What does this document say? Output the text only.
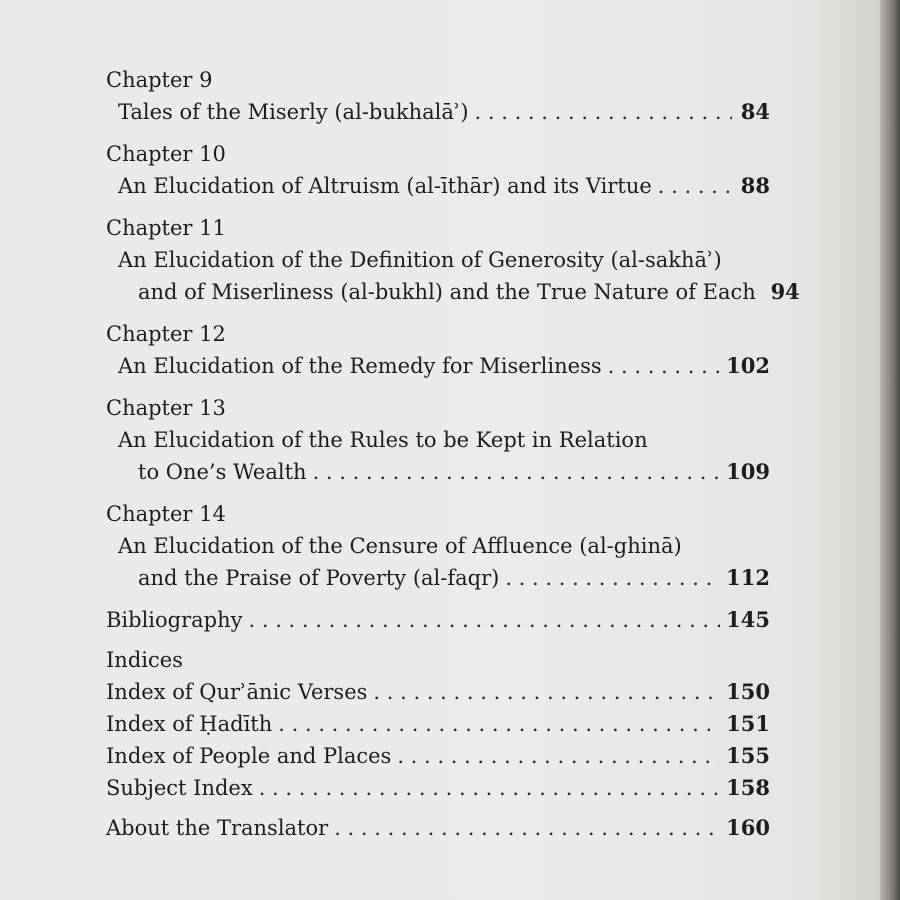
Chapter 9
Tales of the Miserly (al-bukhalāʾ) . . .	84
Chapter 10
An Elucidation of Altruism (al-īthār) and its Virtue . . .	88
Chapter 11
An Elucidation of the Definition of Generosity (al-sakhāʾ)
and of Miserliness (al-bukhl) and the True Nature of Each 94
Chapter 12
An Elucidation of the Remedy for Miserliness . . .	102
Chapter 13
An Elucidation of the Rules to be Kept in Relation
to One’s Wealth . . .	109
Chapter 14
An Elucidation of the Censure of Affluence (al-ghinā)
and the Praise of Poverty (al-faqr) . . .	112
Bibliography . . .	145
Indices
Index of Qurʾānic Verses . . .	150
Index of Ḥadīth . . .	151
Index of People and Places . . .	155
Subject Index . . .	158
About the Translator . . .	160
